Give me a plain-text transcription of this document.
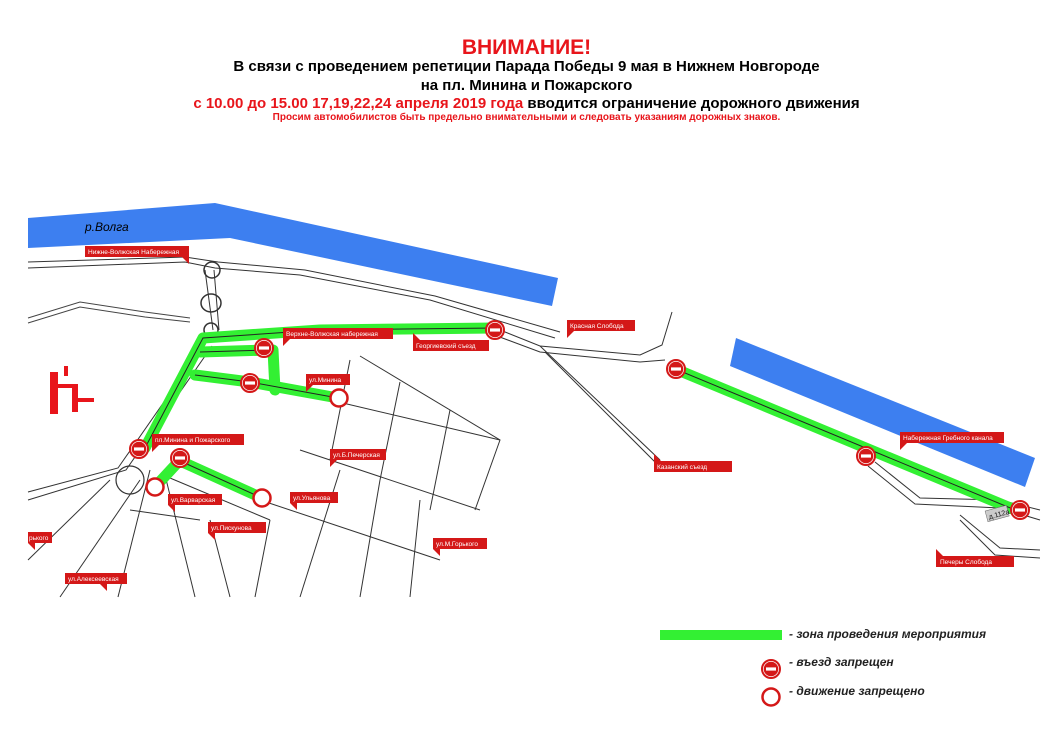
ВНИМАНИЕ!
В связи с проведением репетиции Парада Победы 9 мая в Нижнем Новгороде
на пл. Минина и Пожарского
с 10.00 до 15.00 17,19,22,24 апреля 2019 года вводится ограничение дорожного движения
Просим автомобилистов быть предельно внимательными и следовать указаниям дорожных знаков.
р.Волга
Нижне-Волжская Набережная
Верхне-Волжская набережная
Георгиевский съезд
Красная Слобода
ул.Минина
пл.Минина и Пожарского
ул.Б.Печерская
ул.Варварская	ул.Ульянова
ул.Пискунова
ул.М.Горького
рького
ул.Алексеевская
Казанский съезд
Набережная Гребного канала
Печеры Слобода
д.112а
- зона проведения мероприятия
- въезд запрещен
- движение запрещено
